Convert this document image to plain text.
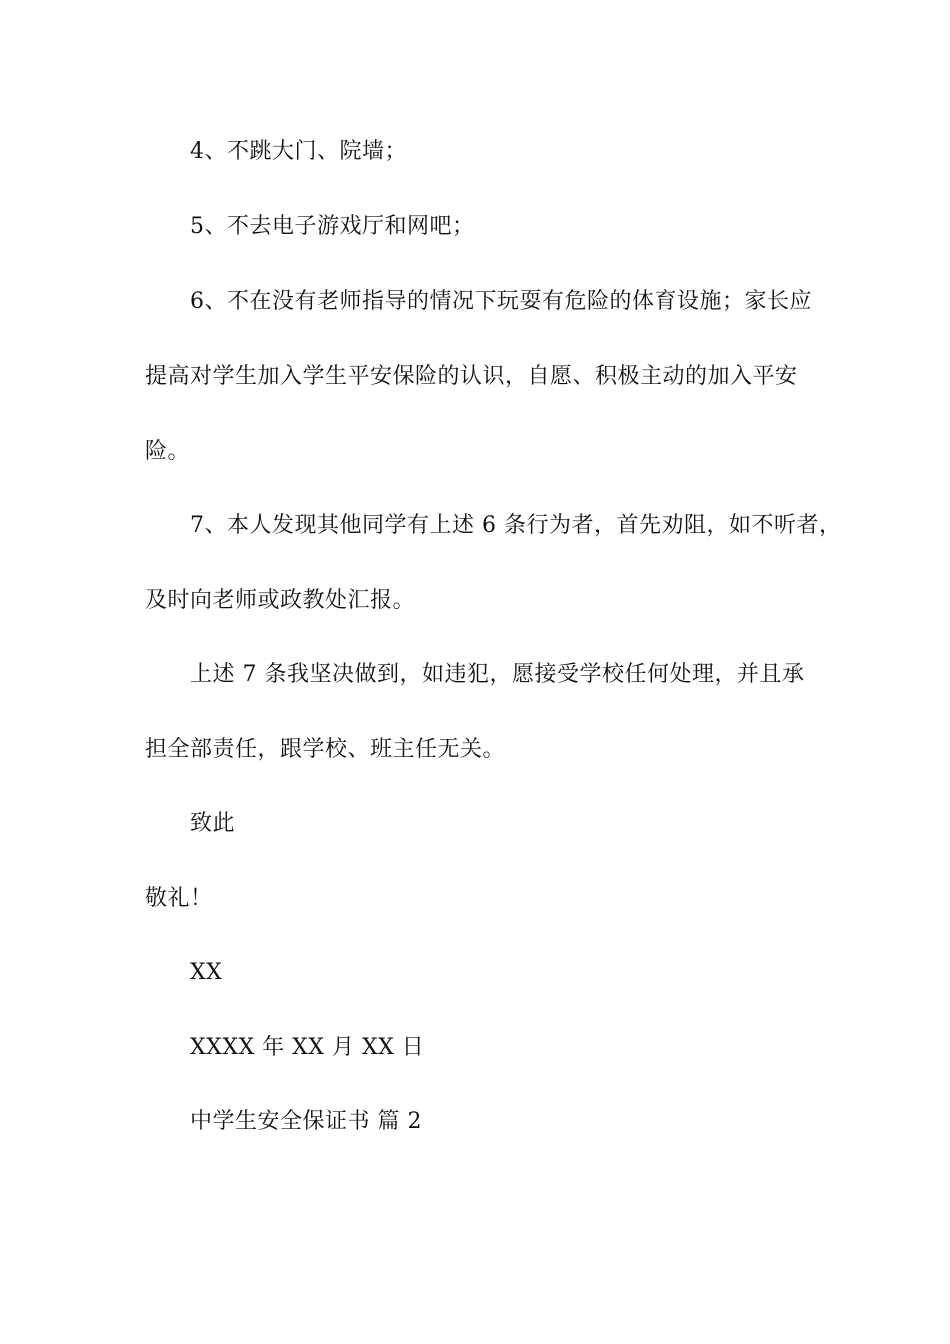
4、不跳大门、院墙；
5、不去电子游戏厅和网吧；
6、不在没有老师指导的情况下玩耍有危险的体育设施；家长应
提高对学生加入学生平安保险的认识，自愿、积极主动的加入平安
险。
7、本人发现其他同学有上述 6 条行为者，首先劝阻，如不听者，
及时向老师或政教处汇报。
上述 7 条我坚决做到，如违犯，愿接受学校任何处理，并且承
担全部责任，跟学校、班主任无关。
致此
敬礼！
XX
XXXX 年 XX 月 XX 日
中学生安全保证书 篇 2
